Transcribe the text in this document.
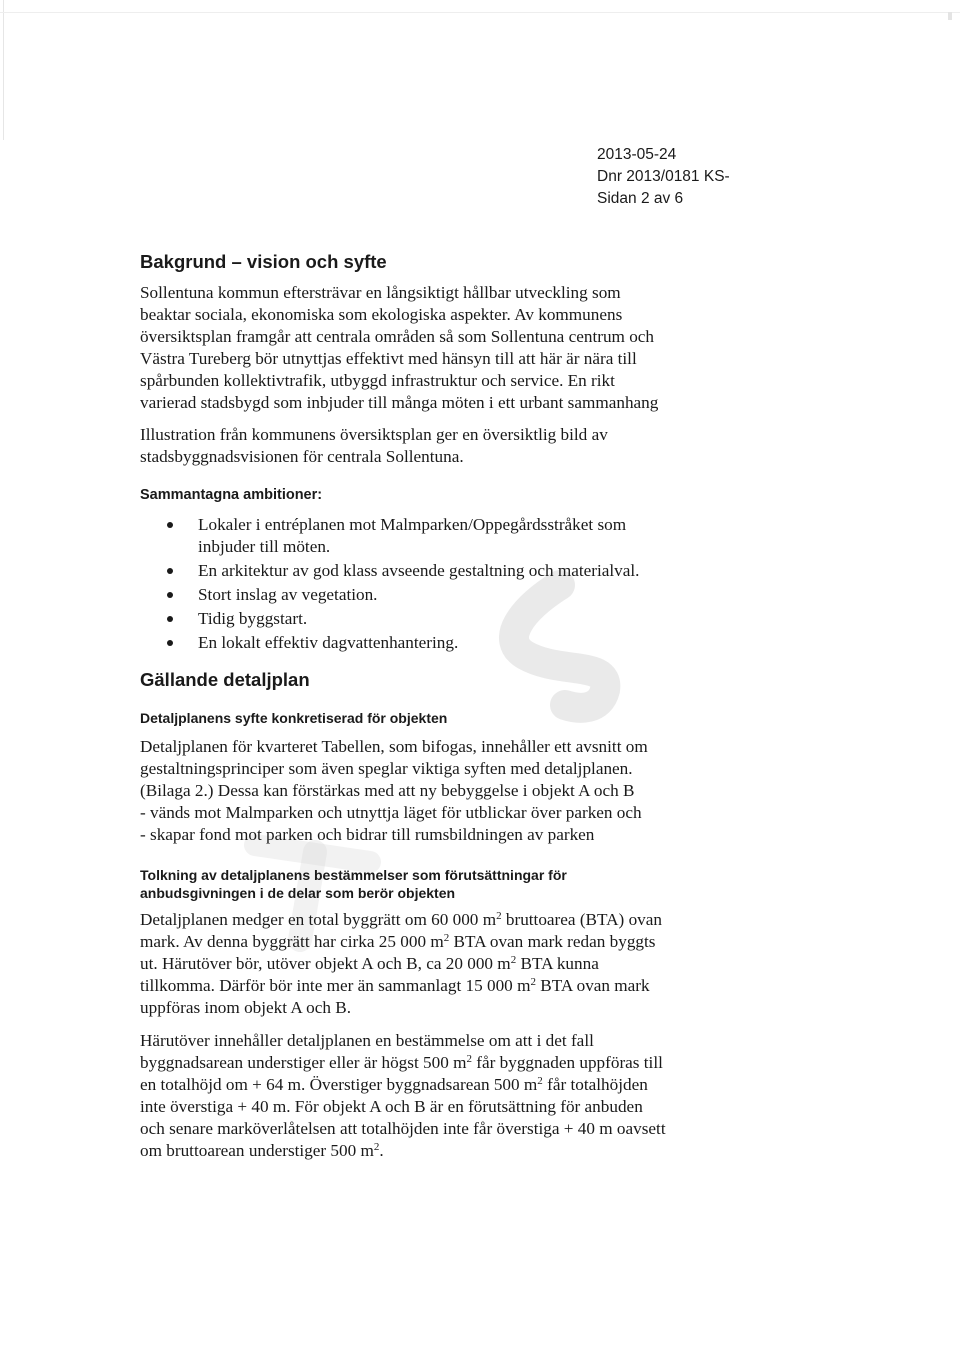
2013-05-24
Dnr 2013/0181 KS-
Sidan 2 av 6
Bakgrund – vision och syfte

Sollentuna kommun eftersträvar en långsiktigt hållbar utveckling som
beaktar sociala, ekonomiska som ekologiska aspekter. Av kommunens
översiktsplan framgår att centrala områden så som Sollentuna centrum och
Västra Tureberg bör utnyttjas effektivt med hänsyn till att här är nära till
spårbunden kollektivtrafik, utbyggd infrastruktur och service. En rikt
varierad stadsbygd som inbjuder till många möten i ett urbant sammanhang

Illustration från kommunens översiktsplan ger en översiktlig bild av
stadsbyggnadsvisionen för centrala Sollentuna.

Sammantagna ambitioner:
Lokaler i entréplanen mot Malmparken/Oppegårdsstråket som
inbjuder till möten.
En arkitektur av god klass avseende gestaltning och materialval.
Stort inslag av vegetation.
Tidig byggstart.
En lokalt effektiv dagvattenhantering.
Gällande detaljplan
Detaljplanens syfte konkretiserad för objekten

Detaljplanen för kvarteret Tabellen, som bifogas, innehåller ett avsnitt om
gestaltningsprinciper som även speglar viktiga syften med detaljplanen.
(Bilaga 2.) Dessa kan förstärkas med att ny bebyggelse i objekt A och B
- vänds mot Malmparken och utnyttja läget för utblickar över parken och
- skapar fond mot parken och bidrar till rumsbildningen av parken

Tolkning av detaljplanens bestämmelser som förutsättningar för
anbudsgivningen i de delar som berör objekten

Detaljplanen medger en total byggrätt om 60 000 $m^2$ bruttoarea (BTA) ovan
mark. Av denna byggrätt har cirka 25 000 $m^2$ BTA ovan mark redan byggts
ut. Härutöver bör, utöver objekt A och B, ca 20 000 $m^2$ BTA kunna
tillkomma. Därför bör inte mer än sammanlagt 15 000 $m^2$ BTA ovan mark
uppföras inom objekt A och B.

Härutöver innehåller detaljplanen en bestämmelse om att i det fall
byggnadsarean understiger eller är högst 500 $m^2$ får byggnaden uppföras till
en totalhöjd om + 64 m. Överstiger byggnadsarean 500 $m^2$ får totalhöjden
inte överstiga + 40 m. För objekt A och B är en förutsättning för anbuden
och senare marköverlåtelsen att totalhöjden inte får överstiga + 40 m oavsett
om bruttoarean understiger 500 $m^2$.
